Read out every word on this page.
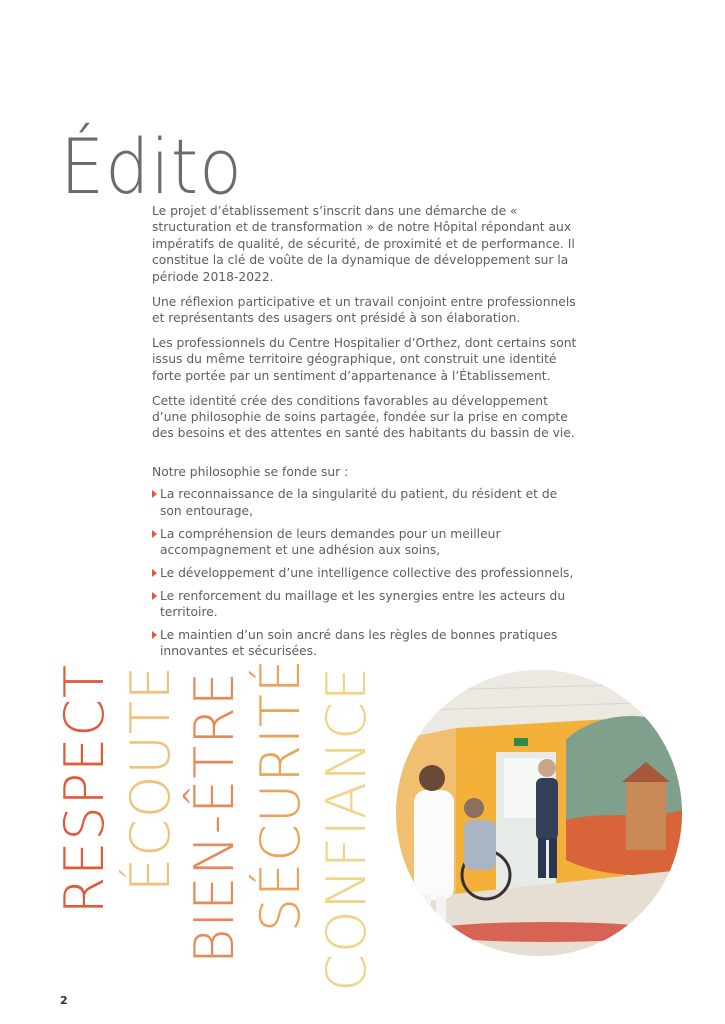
Édito

Le projet d’établissement s’inscrit dans une démarche de « structuration et de transformation » de notre Hôpital répondant aux impératifs de qualité, de sécurité, de proximité et de performance. Il constitue la clé de voûte de la dynamique de développement sur la période 2018-2022.

Une réflexion participative et un travail conjoint entre professionnels et représentants des usagers ont présidé à son élaboration.

Les professionnels du Centre Hospitalier d’Orthez, dont certains sont issus du même territoire géographique, ont construit une identité forte portée par un sentiment d’appartenance à l’Établissement.

Cette identité crée des conditions favorables au développement d’une philosophie de soins partagée, fondée sur la prise en compte des besoins et des attentes en santé des habitants du bassin de vie.

Notre philosophie se fonde sur :

La reconnaissance de la singularité du patient, du résident et de son entourage,
La compréhension de leurs demandes pour un meilleur accompagnement et une adhésion aux soins,
Le développement d’une intelligence collective des professionnels,
Le renforcement du maillage et les synergies entre les acteurs du territoire.
Le maintien d’un soin ancré dans les règles de bonnes pratiques innovantes et sécurisées.
RESPECT ÉCOUTE BIEN-ÊTRE SÉCURITÉ CONFIANCE
2
